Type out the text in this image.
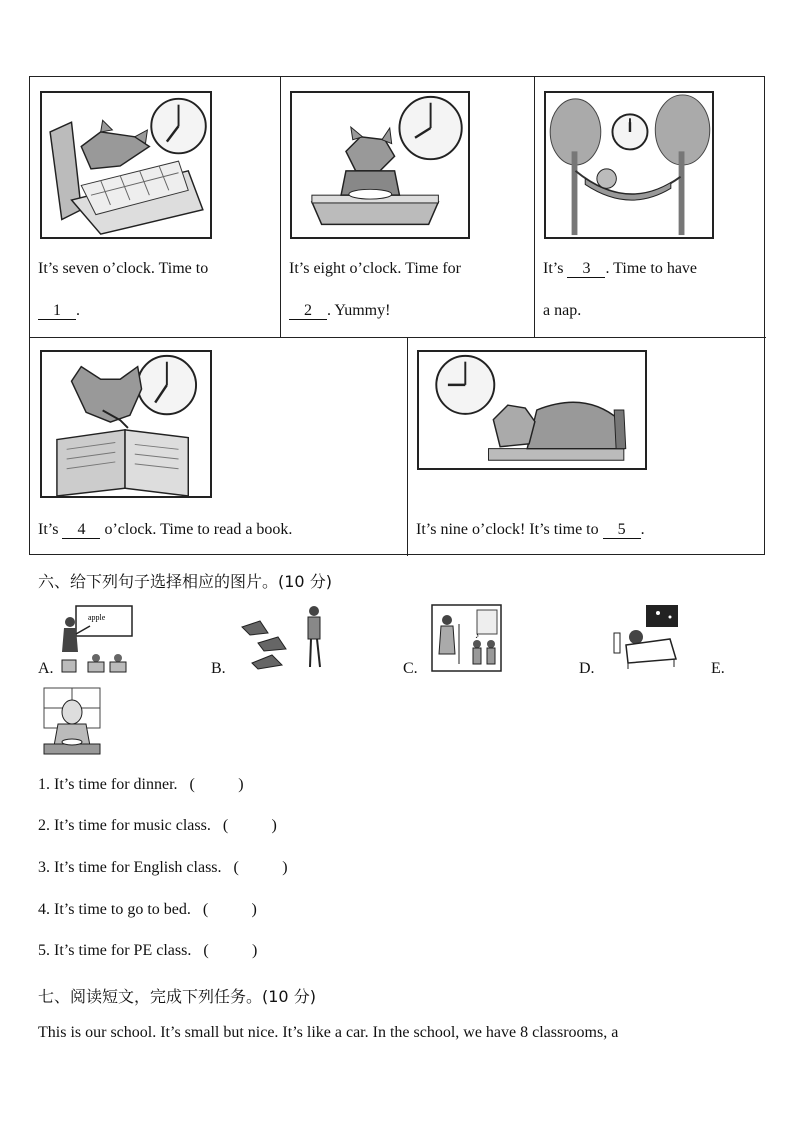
It’s seven o’clock. Time to
1 .
It’s eight o’clock. Time for
2 . Yummy!
It’s 3 . Time to have
a nap.
It’s 4 o’clock. Time to read a book.	It’s nine o’clock! It’s time to 5 .
六、给下列句子选择相应的图片。(10 分)
A.
apple
B.	C.
♪
D.	E.
1. It’s time for dinner. (	)

2. It’s time for music class. (	)

3. It’s time for English class. (	)

4. It’s time to go to bed. (	)

5. It’s time for PE class. (	)

七、阅读短文，完成下列任务。(10 分)
This is our school. It’s small but nice. It’s like a car. In the school, we have 8 classrooms, a
